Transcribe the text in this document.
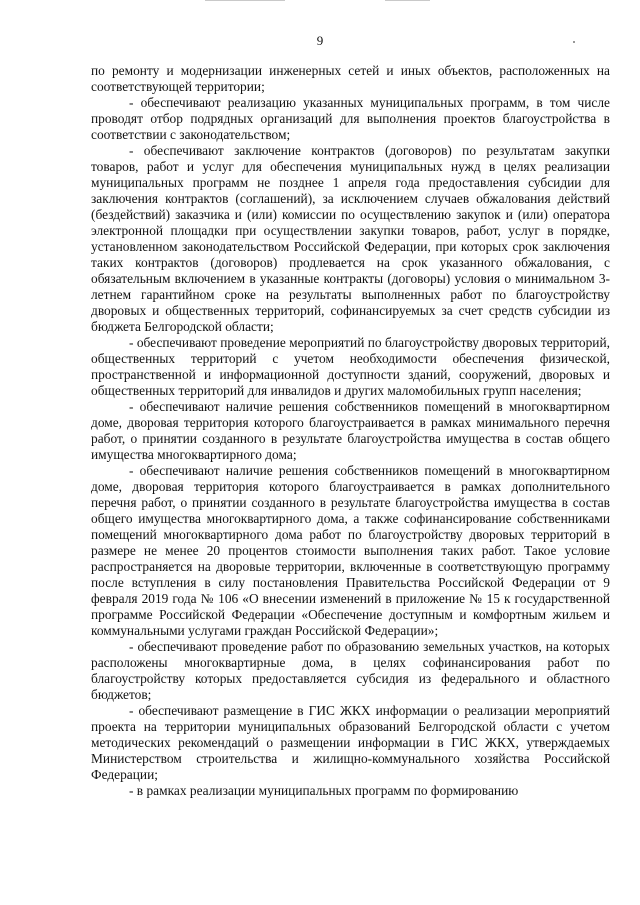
9

по ремонту и модернизации инженерных сетей и иных объектов, расположенных на соответствующей территории;

- обеспечивают реализацию указанных муниципальных программ, в том числе проводят отбор подрядных организаций для выполнения проектов благоустройства в соответствии с законодательством;

- обеспечивают заключение контрактов (договоров) по результатам закупки товаров, работ и услуг для обеспечения муниципальных нужд в целях реализации муниципальных программ не позднее 1 апреля года предоставления субсидии для заключения контрактов (соглашений), за исключением случаев обжалования действий (бездействий) заказчика и (или) комиссии по осуществлению закупок и (или) оператора электронной площадки при осуществлении закупки товаров, работ, услуг в порядке, установленном законодательством Российской Федерации, при которых срок заключения таких контрактов (договоров) продлевается на срок указанного обжалования, с обязательным включением в указанные контракты (договоры) условия о минимальном 3-летнем гарантийном сроке на результаты выполненных работ по благоустройству дворовых и общественных территорий, софинансируемых за счет средств субсидии из бюджета Белгородской области;

- обеспечивают проведение мероприятий по благоустройству дворовых территорий, общественных территорий с учетом необходимости обеспечения физической, пространственной и информационной доступности зданий, сооружений, дворовых и общественных территорий для инвалидов и других маломобильных групп населения;

- обеспечивают наличие решения собственников помещений в многоквартирном доме, дворовая территория которого благоустраивается в рамках минимального перечня работ, о принятии созданного в результате благоустройства имущества в состав общего имущества многоквартирного дома;

- обеспечивают наличие решения собственников помещений в многоквартирном доме, дворовая территория которого благоустраивается в рамках дополнительного перечня работ, о принятии созданного в результате благоустройства имущества в состав общего имущества многоквартирного дома, а также софинансирование собственниками помещений многоквартирного дома работ по благоустройству дворовых территорий в размере не менее 20 процентов стоимости выполнения таких работ. Такое условие распространяется на дворовые территории, включенные в соответствующую программу после вступления в силу постановления Правительства Российской Федерации от 9 февраля 2019 года № 106 «О внесении изменений в приложение № 15 к государственной программе Российской Федерации «Обеспечение доступным и комфортным жильем и коммунальными услугами граждан Российской Федерации»;

- обеспечивают проведение работ по образованию земельных участков, на которых расположены многоквартирные дома, в целях софинансирования работ по благоустройству которых предоставляется субсидия из федерального и областного бюджетов;

- обеспечивают размещение в ГИС ЖКХ информации о реализации мероприятий проекта на территории муниципальных образований Белгородской области с учетом методических рекомендаций о размещении информации в ГИС ЖКХ, утверждаемых Министерством строительства и жилищно-коммунального хозяйства Российской Федерации;

- в рамках реализации муниципальных программ по формированию
